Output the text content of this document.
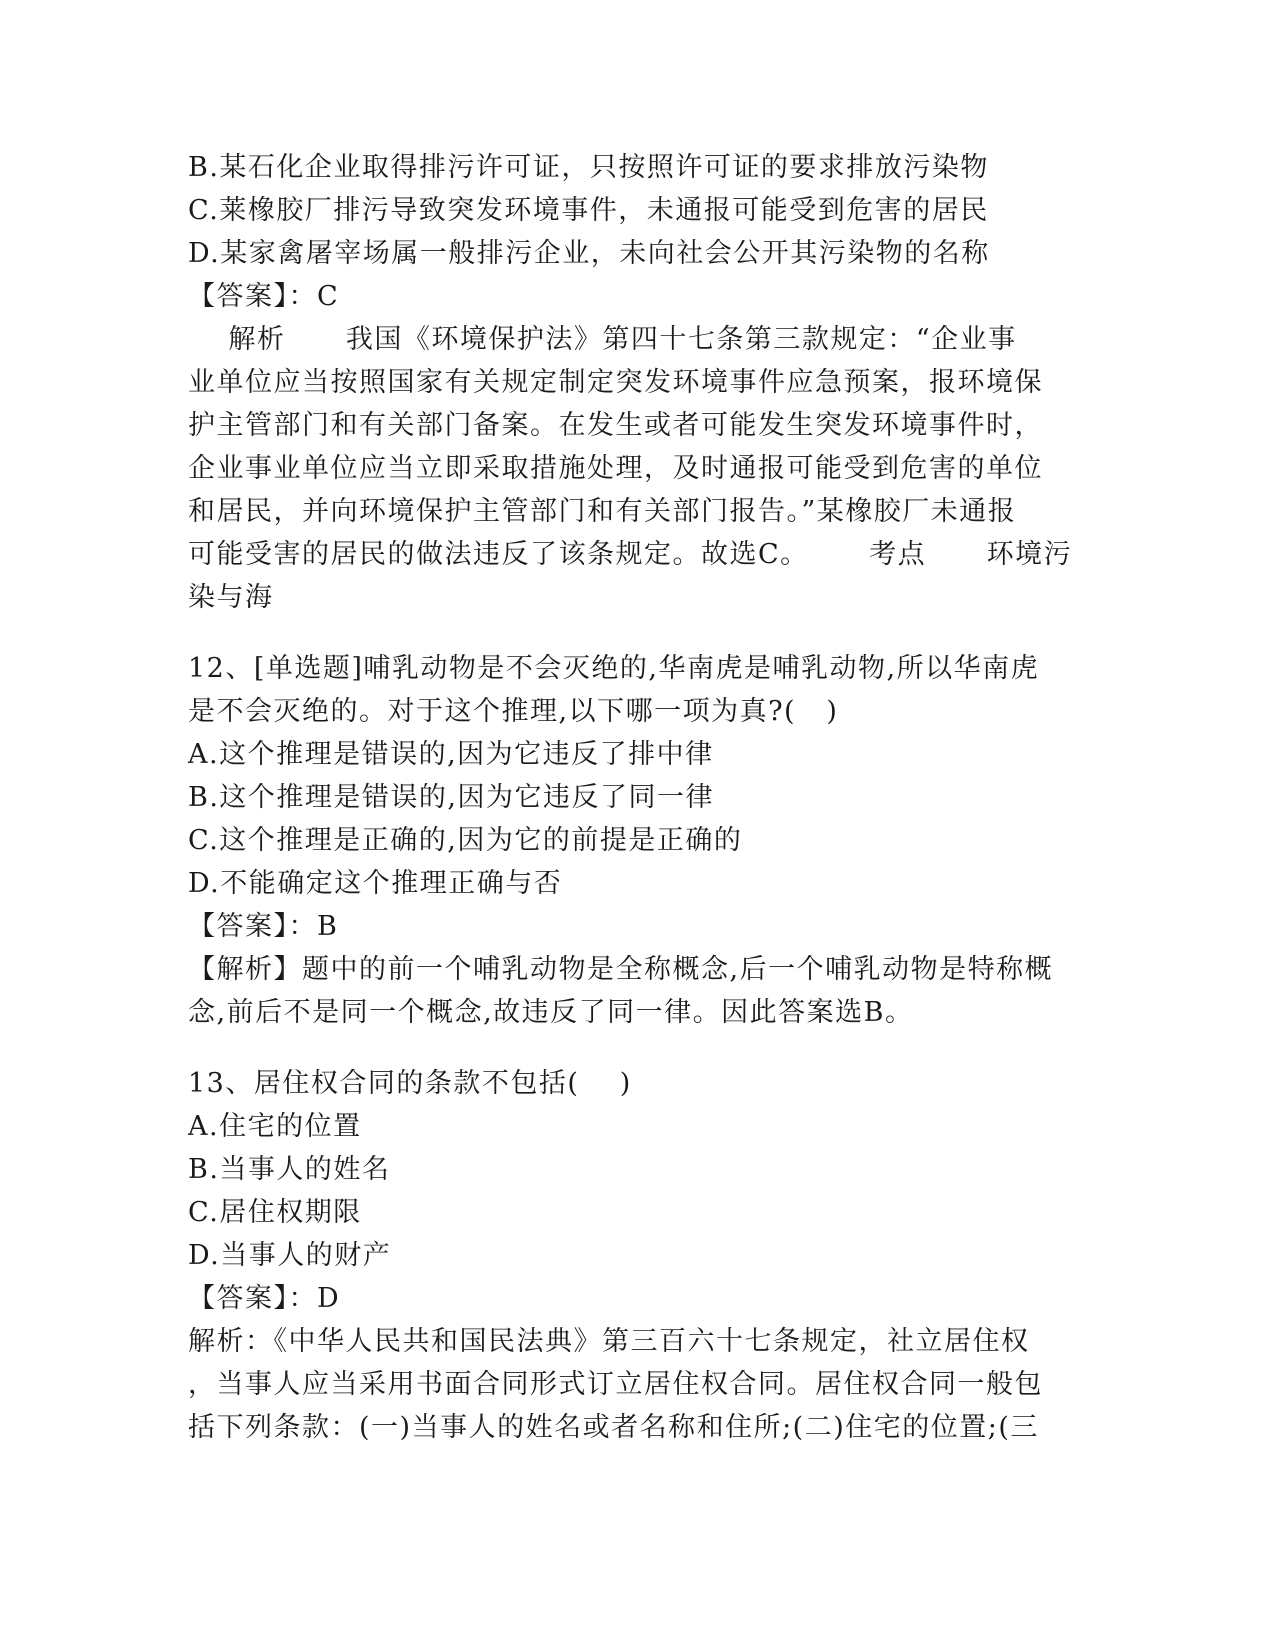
B.某石化企业取得排污许可证，只按照许可证的要求排放污染物
C.莱橡胶厂排污导致突发环境事件，未通报可能受到危害的居民
D.某家禽屠宰场属一般排污企业，未向社会公开其污染物的名称
【答案】：C
解析      我国《环境保护法》第四十七条第三款规定：“企业事
业单位应当按照国家有关规定制定突发环境事件应急预案，报环境保
护主管部门和有关部门备案。在发生或者可能发生突发环境事件时，
企业事业单位应当立即采取措施处理，及时通报可能受到危害的单位
和居民，并向环境保护主管部门和有关部门报告。”某橡胶厂未通报
可能受害的居民的做法违反了该条规定。故选C。      考点      环境污
染与海
12、[单选题]哺乳动物是不会灭绝的,华南虎是哺乳动物,所以华南虎
是不会灭绝的。对于这个推理,以下哪一项为真?(   )
A.这个推理是错误的,因为它违反了排中律
B.这个推理是错误的,因为它违反了同一律
C.这个推理是正确的,因为它的前提是正确的
D.不能确定这个推理正确与否
【答案】：B
【解析】题中的前一个哺乳动物是全称概念,后一个哺乳动物是特称概
念,前后不是同一个概念,故违反了同一律。因此答案选B。
13、居住权合同的条款不包括(    )
A.住宅的位置
B.当事人的姓名
C.居住权期限
D.当事人的财产
【答案】：D
解析：《中华人民共和国民法典》第三百六十七条规定，社立居住权
，当事人应当采用书面合同形式订立居住权合同。居住权合同一般包
括下列条款：(一)当事人的姓名或者名称和住所;(二)住宅的位置;(三
